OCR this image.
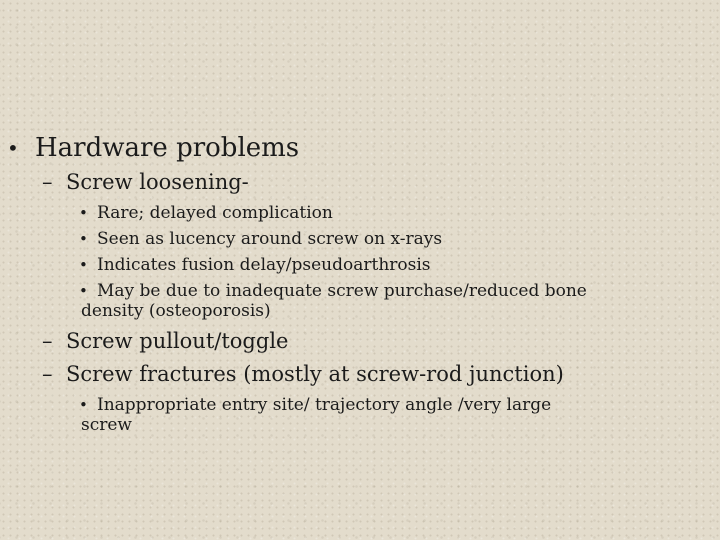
• Hardware problems
– Screw loosening-
• Rare; delayed complication
• Seen as lucency around screw on x-rays
• Indicates fusion delay/pseudoarthrosis
• May be due to inadequate screw purchase/reduced bone
density (osteoporosis)
– Screw pullout/toggle
– Screw fractures (mostly at screw-rod junction)
• Inappropriate entry site/ trajectory angle /very large
screw
